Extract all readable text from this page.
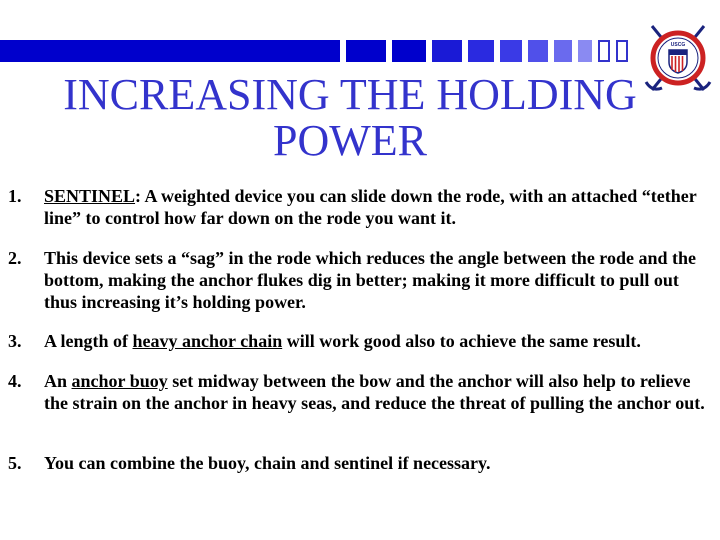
USCG
INCREASING THE HOLDING
POWER
1.	SENTINEL: A weighted device you can slide down the rode, with an attached “tether line” to control how far down on the rode you want it.
2.	This device sets a “sag” in the rode which reduces the angle between the rode and the bottom, making the anchor flukes dig in better; making it more difficult to pull out thus increasing it’s holding power.
3.	A length of heavy anchor chain will work good also to achieve the same result.
4.	An anchor buoy set midway between the bow and the anchor will also help to relieve the strain on the anchor in heavy seas, and reduce the threat of pulling the anchor out.
5.	You can combine the buoy, chain and sentinel if necessary.
